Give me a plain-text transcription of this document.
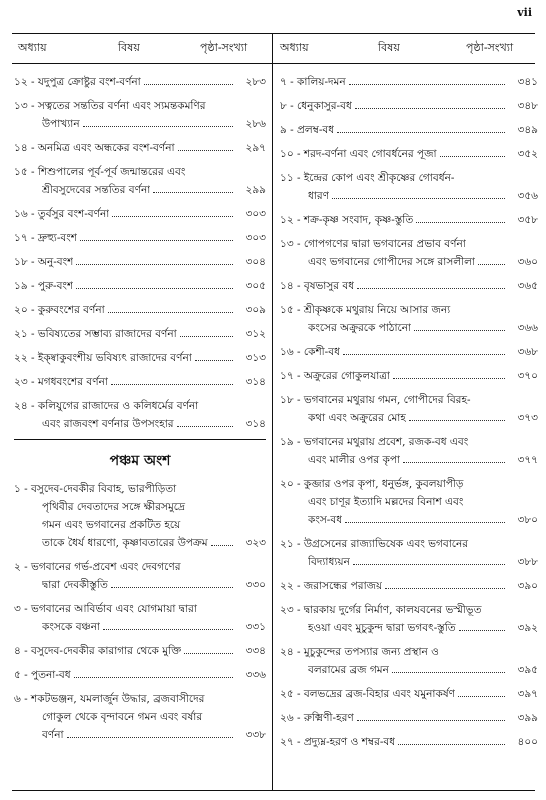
vii
অধ্যায়	বিষয়	পৃষ্ঠা-সংখ্যা	অধ্যায়	বিষয়	পৃষ্ঠা-সংখ্যা
১২ - যদুপুত্র ক্রোষ্টুর বংশ-বর্ণনা	২৮৩
১৩ - সত্বতের সন্ততির বর্ণনা এবং স্যমন্তকমণির
উপাখ্যান	২৮৬
১৪ - অনমিত্র এবং অন্ধকের বংশ-বর্ণনা	২৯৭
১৫ - শিশুপালের পূর্ব-পূর্ব জন্মান্তরের এবং
শ্রীবসুদেবের সন্ততির বর্ণনা	২৯৯
১৬ - তুর্বসুর বংশ-বর্ণনা	৩০৩
১৭ - দ্রুহ্যু-বংশ	৩০৩
১৮ - অনু-বংশ	৩০৪
১৯ - পুরু-বংশ	৩০৫
২০ - কুরুবংশের বর্ণনা	৩০৯
২১ - ভবিষ্যতের সম্ভাব্য রাজাদের বর্ণনা	৩১২
২২ - ইক্ষ্বাকুবংশীয় ভবিষ্যৎ রাজাদের বর্ণনা	৩১৩
২৩ - মগধবংশের বর্ণনা	৩১৪
২৪ - কলিযুগের রাজাদের ও কলিধর্মের বর্ণনা
এবং রাজবংশ বর্ণনার উপসংহার	৩১৪
পঞ্চম অংশ
১ - বসুদেব-দেবকীর বিবাহ, ভারপীড়িতা
পৃথিবীর দেবতাদের সঙ্গে ক্ষীরসমুদ্রে
গমন এবং ভগবানের প্রকটিত হয়ে
তাকে ধৈর্য ধারণো, কৃষ্ণাবতারের উপক্রম	৩২৩
২ - ভগবানের গর্ভ-প্রবেশ এবং দেবগণের
দ্বারা দেবকীস্তুতি	৩৩০
৩ - ভগবানের আবির্ভাব এবং যোগমায়া দ্বারা
কংসকে বঞ্চনা	৩৩১
৪ - বসুদেব-দেবকীর কারাগার থেকে মুক্তি	৩৩৪
৫ - পুতনা-বধ	৩৩৬
৬ - শকটভঞ্জন, যমলার্জুন উদ্ধার, ব্রজবাসীদের
গোকুল থেকে বৃন্দাবনে গমন এবং বর্ষার
বর্ণনা	৩৩৮
৭ - কালিয়-দমন	৩৪১
৮ - ধেনুকাসুর-বধ	৩৪৮
৯ - প্রলম্ব-বধ	৩৪৯
১০ - শরদ-বর্ণনা এবং গোবর্ধনের পূজা	৩৫২
১১ - ইন্দ্রের কোপ এবং শ্রীকৃষ্ণের গোবর্ধন-
ধারণ	৩৫৬
১২ - শক্র-কৃষ্ণ সংবাদ, কৃষ্ণ-স্তুতি	৩৫৮
১৩ - গোপগণের দ্বারা ভগবানের প্রভাব বর্ণনা
এবং ভগবানের গোপীদের সঙ্গে রাসলীলা	৩৬০
১৪ - বৃষভাসুর বধ	৩৬৫
১৫ - শ্রীকৃষ্ণকে মথুরায় নিয়ে আসার জন্য
কংসের অক্রুরকে পাঠানো	৩৬৬
১৬ - কেশী-বধ	৩৬৮
১৭ - অক্রুরের গোকুলযাত্রা	৩৭০
১৮ - ভগবানের মথুরায় গমন, গোপীদের বিরহ-
কথা এবং অক্রুরের মোহ	৩৭৩
১৯ - ভগবানের মথুরায় প্রবেশ, রজক-বধ এবং
এবং মালীর ওপর কৃপা	৩৭৭
২০ - কুব্জার ওপর কৃপা, ধনুর্ভঙ্গ, কুবলয়াপীড়
এবং চাণূর ইত্যাদি মল্লদের বিনাশ এবং
কংস-বধ	৩৮০
২১ - উগ্রসেনের রাজ্যাভিষেক এবং ভগবানের
বিদ্যাধ্যয়ন	৩৮৮
২২ - জরাসন্ধের পরাজয়	৩৯০
২৩ - দ্বারকায় দুর্গের নির্মাণ, কালযবনের ভস্মীভূত
হওয়া এবং মুচুকুন্দ দ্বারা ভগবৎ-স্তুতি	৩৯২
২৪ - মুচুকুন্দের তপস্যার জন্য প্রস্থান ও
বলরামের ব্রজ গমন	৩৯৫
২৫ - বলভদ্রের ব্রজ-বিহার এবং যমুনাকর্ষণ	৩৯৭
২৬ - রুক্মিণী-হরণ	৩৯৯
২৭ - প্রদ্যুম্ন-হরণ ও শম্বর-বধ	৪০০
